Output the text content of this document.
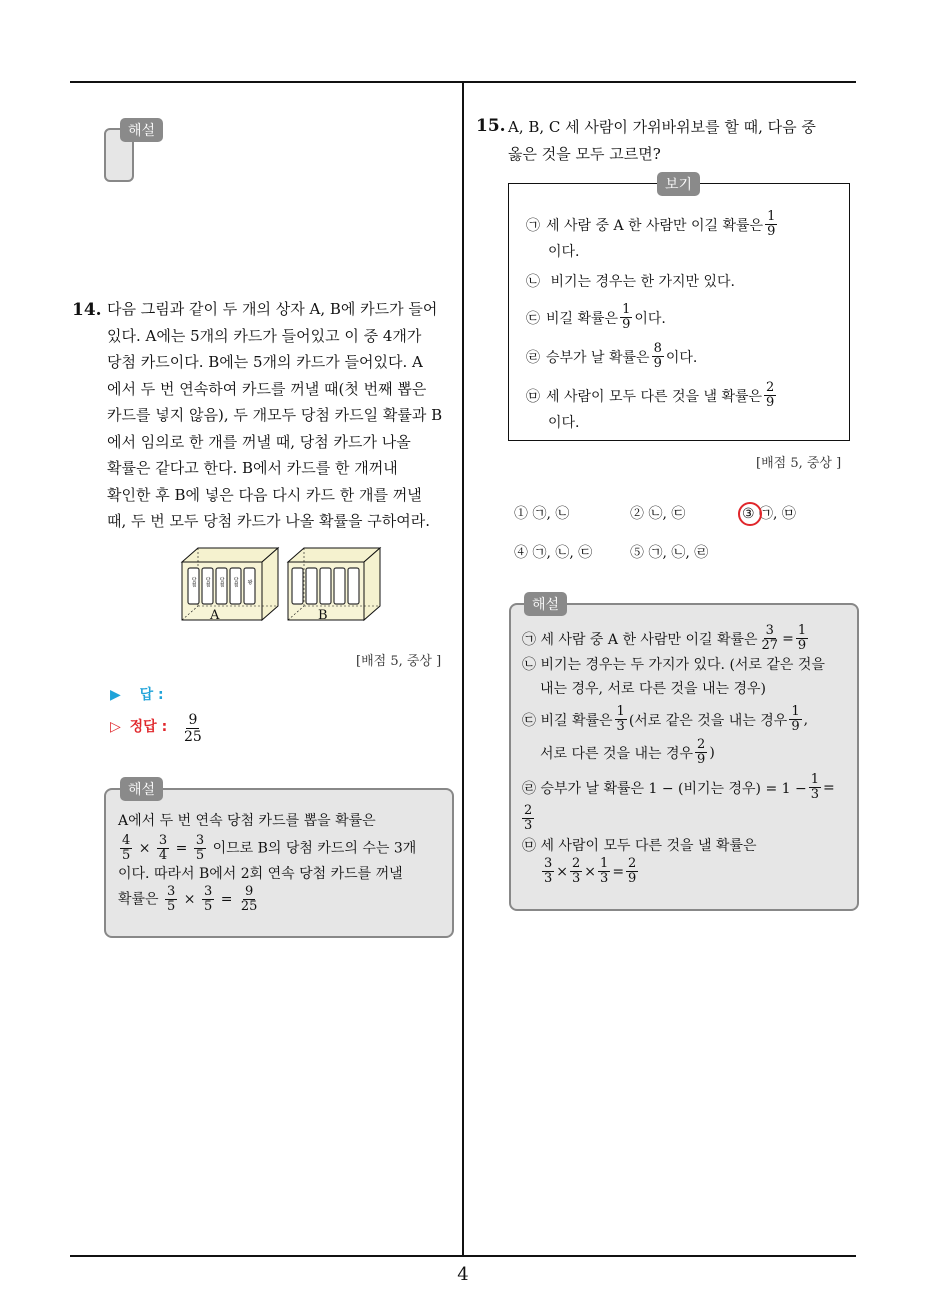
4
해설
14. 다음 그림과 같이 두 개의 상자 A, B에 카드가 들어
있다. A에는 5개의 카드가 들어있고 이 중 4개가
당첨 카드이다. B에는 5개의 카드가 들어있다. A
에서 두 번 연속하여 카드를 꺼낼 때(첫 번째 뽑은
카드를 넣지 않음), 두 개모두 당첨 카드일 확률과 B
에서 임의로 한 개를 꺼낼 때, 당첨 카드가 나올
확률은 같다고 한다. B에서 카드를 한 개꺼내
확인한 후 B에 넣은 다음 다시 카드 한 개를 꺼낼
때, 두 번 모두 당첨 카드가 나올 확률을 구하여라.
당첨 당첨 당첨 당첨 꽝
A	B
[배점 5, 중상 ]
▶ 답 :
▷ 정답 : $\frac{9}{25}$
해설
A에서 두 번 연속 당첨 카드를 뽑을 확률은
$\frac{4}{5} \times \frac{3}{4} = \frac{3}{5}$ 이므로 B의 당첨 카드의 수는 3개
이다. 따라서 B에서 2회 연속 당첨 카드를 꺼낼
확률은 $\frac{3}{5} \times \frac{3}{5} = \frac{9}{25}$
15. A, B, C 세 사람이 가위바위보를 할 때, 다음 중
옳은 것을 모두 고르면?
보기
㉠ 세 사람 중 A 한 사람만 이길 확률은 $\frac{1}{9}$
이다.
㉡ 비기는 경우는 한 가지만 있다.
㉢ 비길 확률은 $\frac{1}{9}$ 이다.
㉣ 승부가 날 확률은 $\frac{8}{9}$ 이다.
㉤ 세 사람이 모두 다른 것을 낼 확률은 $\frac{2}{9}$
이다.
[배점 5, 중상 ]
① ㉠, ㉡	② ㉡, ㉢	③ ㉠, ㉤
④ ㉠, ㉡, ㉢	⑤ ㉠, ㉡, ㉣
해설
㉠ 세 사람 중 A 한 사람만 이길 확률은 $\frac{3}{27} = \frac{1}{9}$
㉡ 비기는 경우는 두 가지가 있다. (서로 같은 것을
내는 경우, 서로 다른 것을 내는 경우)
㉢ 비길 확률은 $\frac{1}{3}$ (서로 같은 것을 내는 경우 $\frac{1}{9}$ ,
서로 다른 것을 내는 경우 $\frac{2}{9}$ )
㉣ 승부가 날 확률은 1 − (비기는 경우) = $1 - \frac{1}{3}$ =
$\frac{2}{3}$
㉤ 세 사람이 모두 다른 것을 낼 확률은
$\frac{3}{3} \times \frac{2}{3} \times \frac{1}{3} = \frac{2}{9}$
